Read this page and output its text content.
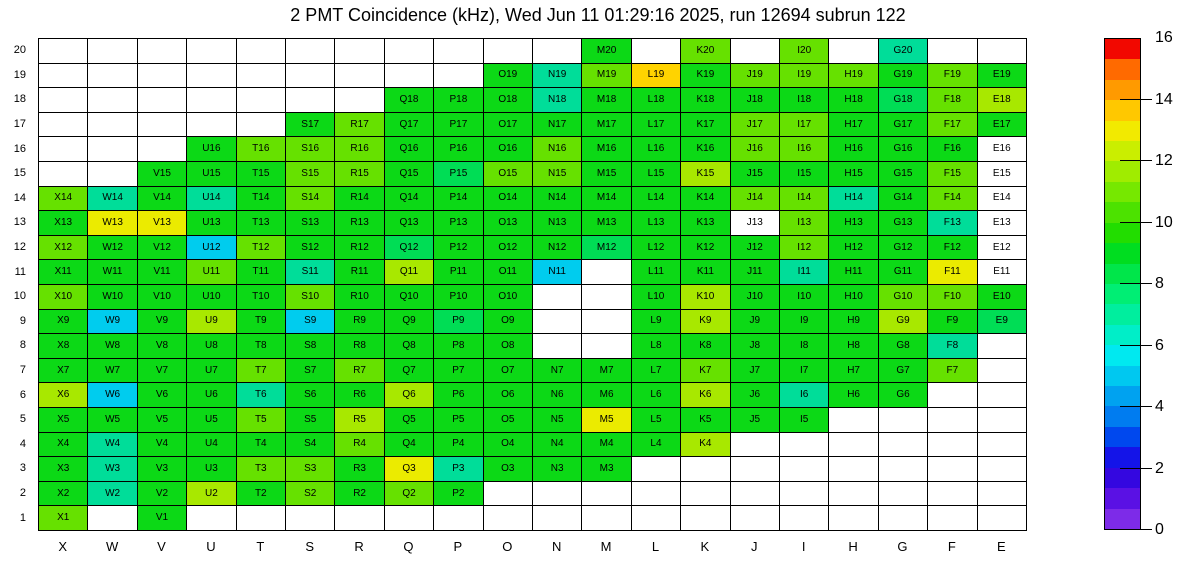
2 PMT Coincidence (kHz), Wed Jun 11 01:29:16 2025, run 12694 subrun 122
20
19
18
17
16
15
14
13
12
11
10
9
8
7
6
5
4
3
2
1
M20	K20	I20	G20
O19	N19	M19	L19	K19	J19	I19	H19	G19	F19	E19
Q18	P18	O18	N18	M18	L18	K18	J18	I18	H18	G18	F18	E18
S17	R17	Q17	P17	O17	N17	M17	L17	K17	J17	I17	H17	G17	F17	E17
U16	T16	S16	R16	Q16	P16	O16	N16	M16	L16	K16	J16	I16	H16	G16	F16	E16
V15	U15	T15	S15	R15	Q15	P15	O15	N15	M15	L15	K15	J15	I15	H15	G15	F15	E15
X14	W14	V14	U14	T14	S14	R14	Q14	P14	O14	N14	M14	L14	K14	J14	I14	H14	G14	F14	E14
X13	W13	V13	U13	T13	S13	R13	Q13	P13	O13	N13	M13	L13	K13	J13	I13	H13	G13	F13	E13
X12	W12	V12	U12	T12	S12	R12	Q12	P12	O12	N12	M12	L12	K12	J12	I12	H12	G12	F12	E12
X11	W11	V11	U11	T11	S11	R11	Q11	P11	O11	N11	L11	K11	J11	I11	H11	G11	F11	E11
X10	W10	V10	U10	T10	S10	R10	Q10	P10	O10	L10	K10	J10	I10	H10	G10	F10	E10
X9	W9	V9	U9	T9	S9	R9	Q9	P9	O9	L9	K9	J9	I9	H9	G9	F9	E9
X8	W8	V8	U8	T8	S8	R8	Q8	P8	O8	L8	K8	J8	I8	H8	G8	F8
X7	W7	V7	U7	T7	S7	R7	Q7	P7	O7	N7	M7	L7	K7	J7	I7	H7	G7	F7
X6	W6	V6	U6	T6	S6	R6	Q6	P6	O6	N6	M6	L6	K6	J6	I6	H6	G6
X5	W5	V5	U5	T5	S5	R5	Q5	P5	O5	N5	M5	L5	K5	J5	I5
X4	W4	V4	U4	T4	S4	R4	Q4	P4	O4	N4	M4	L4	K4
X3	W3	V3	U3	T3	S3	R3	Q3	P3	O3	N3	M3
X2	W2	V2	U2	T2	S2	R2	Q2	P2
X1	V1
X	W	V	U	T	S	R	Q	P	O	N	M	L	K	J	I	H	G	F	E
0
2
4
6
8
10
12
14
16
